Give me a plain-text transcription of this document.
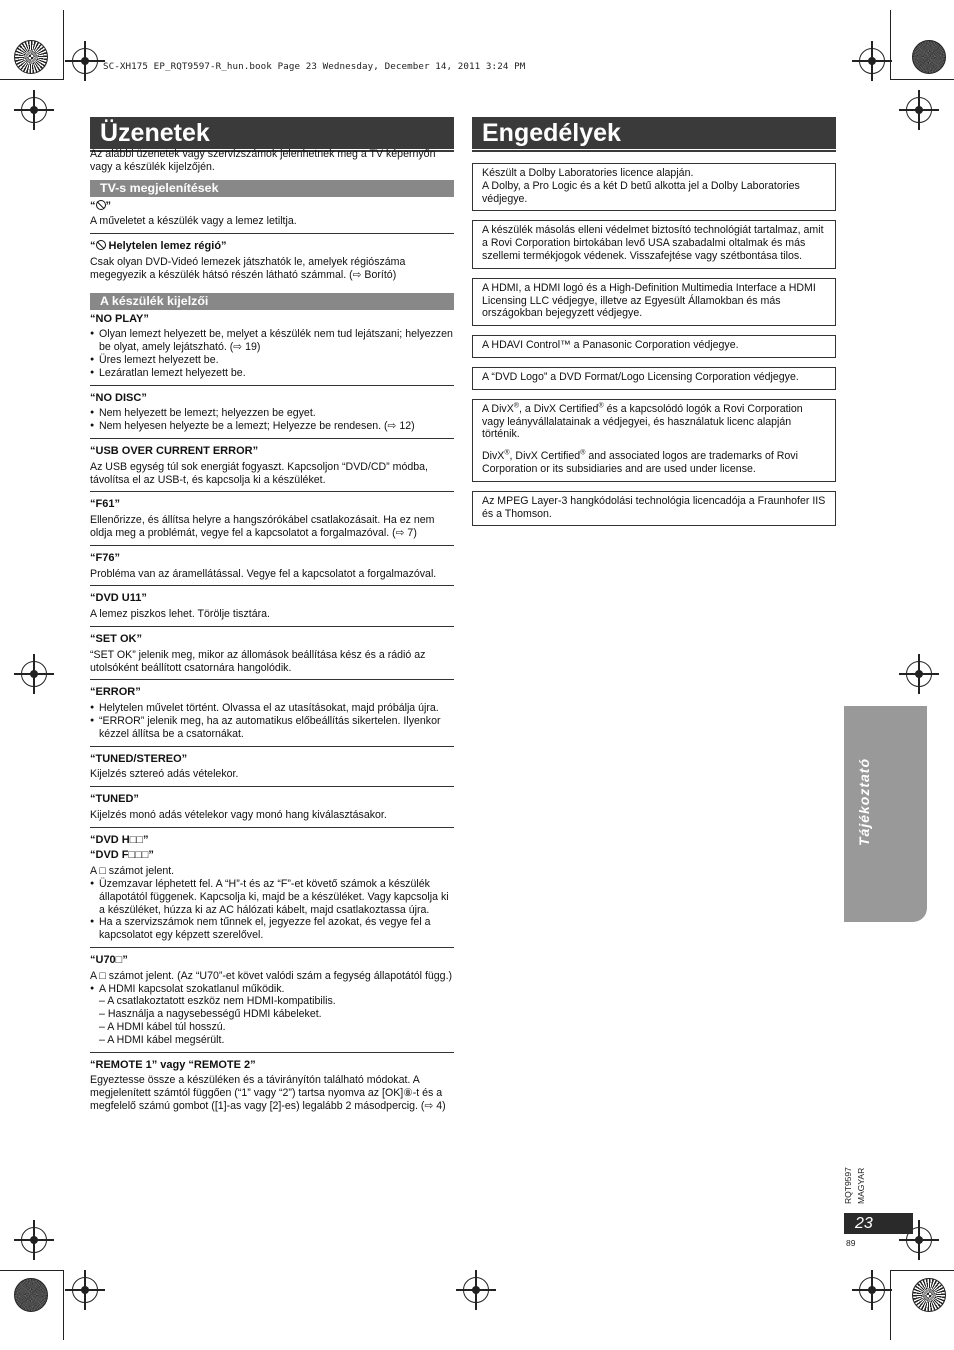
SC-XH175 EP_RQT9597-R_hun.book Page 23 Wednesday, December 14, 2011 3:24 PM
Üzenetek	Engedélyek

Az alábbi üzenetek vagy szervizszámok jelenhetnek meg a TV képernyőn vagy a készülék kijelzőjén.

TV-s megjelenítések
“ ”

A műveletet a készülék vagy a lemez letiltja.

“ Helytelen lemez régió”

Csak olyan DVD-Videó lemezek játszhatók le, amelyek régiószáma megegyezik a készülék hátsó részén látható számmal. (⇨ Borító)

A készülék kijelzői
“NO PLAY”

● Olyan lemezt helyezett be, melyet a készülék nem tud lejátszani; helyezzen be olyat, amely lejátszható. (⇨ 19)

● Üres lemezt helyezett be.

● Lezáratlan lemezt helyezett be.

“NO DISC”

● Nem helyezett be lemezt; helyezzen be egyet.

● Nem helyesen helyezte be a lemezt; Helyezze be rendesen. (⇨ 12)

“USB OVER CURRENT ERROR”

Az USB egység túl sok energiát fogyaszt. Kapcsoljon “DVD/CD” módba, távolítsa el az USB-t, és kapcsolja ki a készüléket.

“F61”

Ellenőrizze, és állítsa helyre a hangszórókábel csatlakozásait. Ha ez nem oldja meg a problémát, vegye fel a kapcsolatot a forgalmazóval. (⇨ 7)

“F76”

Probléma van az áramellátással. Vegye fel a kapcsolatot a forgalmazóval.

“DVD U11”

A lemez piszkos lehet. Törölje tisztára.

“SET OK”

“SET OK” jelenik meg, mikor az állomások beállítása kész és a rádió az utolsóként beállított csatornára hangolódik.

“ERROR”

● Helytelen művelet történt. Olvassa el az utasításokat, majd próbálja újra.

● “ERROR” jelenik meg, ha az automatikus előbeállítás sikertelen. Ilyenkor kézzel állítsa be a csatornákat.

“TUNED/STEREO”

Kijelzés sztereó adás vételekor.

“TUNED”

Kijelzés monó adás vételekor vagy monó hang kiválasztásakor.

“DVD H□□”
“DVD F□□□”

A □ számot jelent.

● Üzemzavar léphetett fel. A “H”-t és az “F”-et követő számok a készülék állapotától függenek. Kapcsolja ki, majd be a készüléket. Vagy kapcsolja ki a készüléket, húzza ki az AC hálózati kábelt, majd csatlakoztassa újra.

● Ha a szervizszámok nem tűnnek el, jegyezze fel azokat, és vegye fel a kapcsolatot egy képzett szerelővel.

“U70□”

A □ számot jelent. (Az “U70”-et követ valódi szám a fegység állapotától függ.)

● A HDMI kapcsolat szokatlanul működik.

– A csatlakoztatott eszköz nem HDMI-kompatibilis.

– Használja a nagysebességű HDMI kábeleket.

– A HDMI kábel túl hosszú.

– A HDMI kábel megsérült.

“REMOTE 1” vagy “REMOTE 2”

Egyeztesse össze a készüléken és a távirányítón található módokat. A megjelenített számtól függően (“1” vagy “2”) tartsa nyomva az [OK]⑧-t és a megfelelő számú gombot ([1]-as vagy [2]-es) legalább 2 másodpercig. (⇨ 4)

Készült a Dolby Laboratories licence alapján.
A Dolby, a Pro Logic és a két D betű alkotta jel a Dolby Laboratories védjegye.

A készülék másolás elleni védelmet biztosító technológiát tartalmaz, amit a Rovi Corporation birtokában levő USA szabadalmi oltalmak és más szellemi termékjogok védenek. Visszafejtése vagy szétbontása tilos.

A HDMI, a HDMI logó és a High-Definition Multimedia Interface a HDMI Licensing LLC védjegye, illetve az Egyesült Államokban és más országokban bejegyzett védjegye.

A HDAVI Control™ a Panasonic Corporation védjegye.

A “DVD Logo” a DVD Format/Logo Licensing Corporation védjegye.

A DivX®, a DivX Certified® és a kapcsolódó logók a Rovi Corporation vagy leányvállalatainak a védjegyei, és használatuk licenc alapján történik.

DivX®, DivX Certified® and associated logos are trademarks of Rovi Corporation or its subsidiaries and are used under license.

Az MPEG Layer-3 hangkódolási technológia licencadója a Fraunhofer IIS és a Thomson.

Tájékoztató
RQT9597 MAGYAR
23
89
